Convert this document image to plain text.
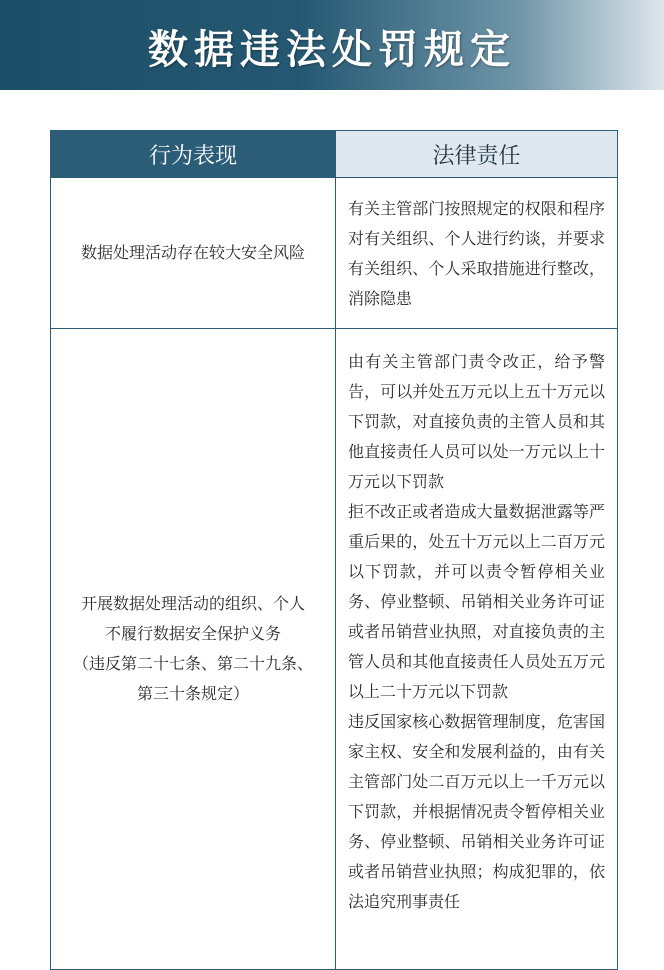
数据违法处罚规定
行为表现	法律责任
数据处理活动存在较大安全风险
有关主管部门按照规定的权限和程序对有关组织、个人进行约谈，并要求有关组织、个人采取措施进行整改，消除隐患
开展数据处理活动的组织、个人
不履行数据安全保护义务
（违反第二十七条、第二十九条、
第三十条规定）
由有关主管部门责令改正，给予警告，可以并处五万元以上五十万元以下罚款，对直接负责的主管人员和其他直接责任人员可以处一万元以上十万元以下罚款
拒不改正或者造成大量数据泄露等严重后果的，处五十万元以上二百万元以下罚款，并可以责令暂停相关业务、停业整顿、吊销相关业务许可证或者吊销营业执照，对直接负责的主管人员和其他直接责任人员处五万元以上二十万元以下罚款
违反国家核心数据管理制度，危害国家主权、安全和发展利益的，由有关主管部门处二百万元以上一千万元以下罚款，并根据情况责令暂停相关业务、停业整顿、吊销相关业务许可证或者吊销营业执照；构成犯罪的，依法追究刑事责任
